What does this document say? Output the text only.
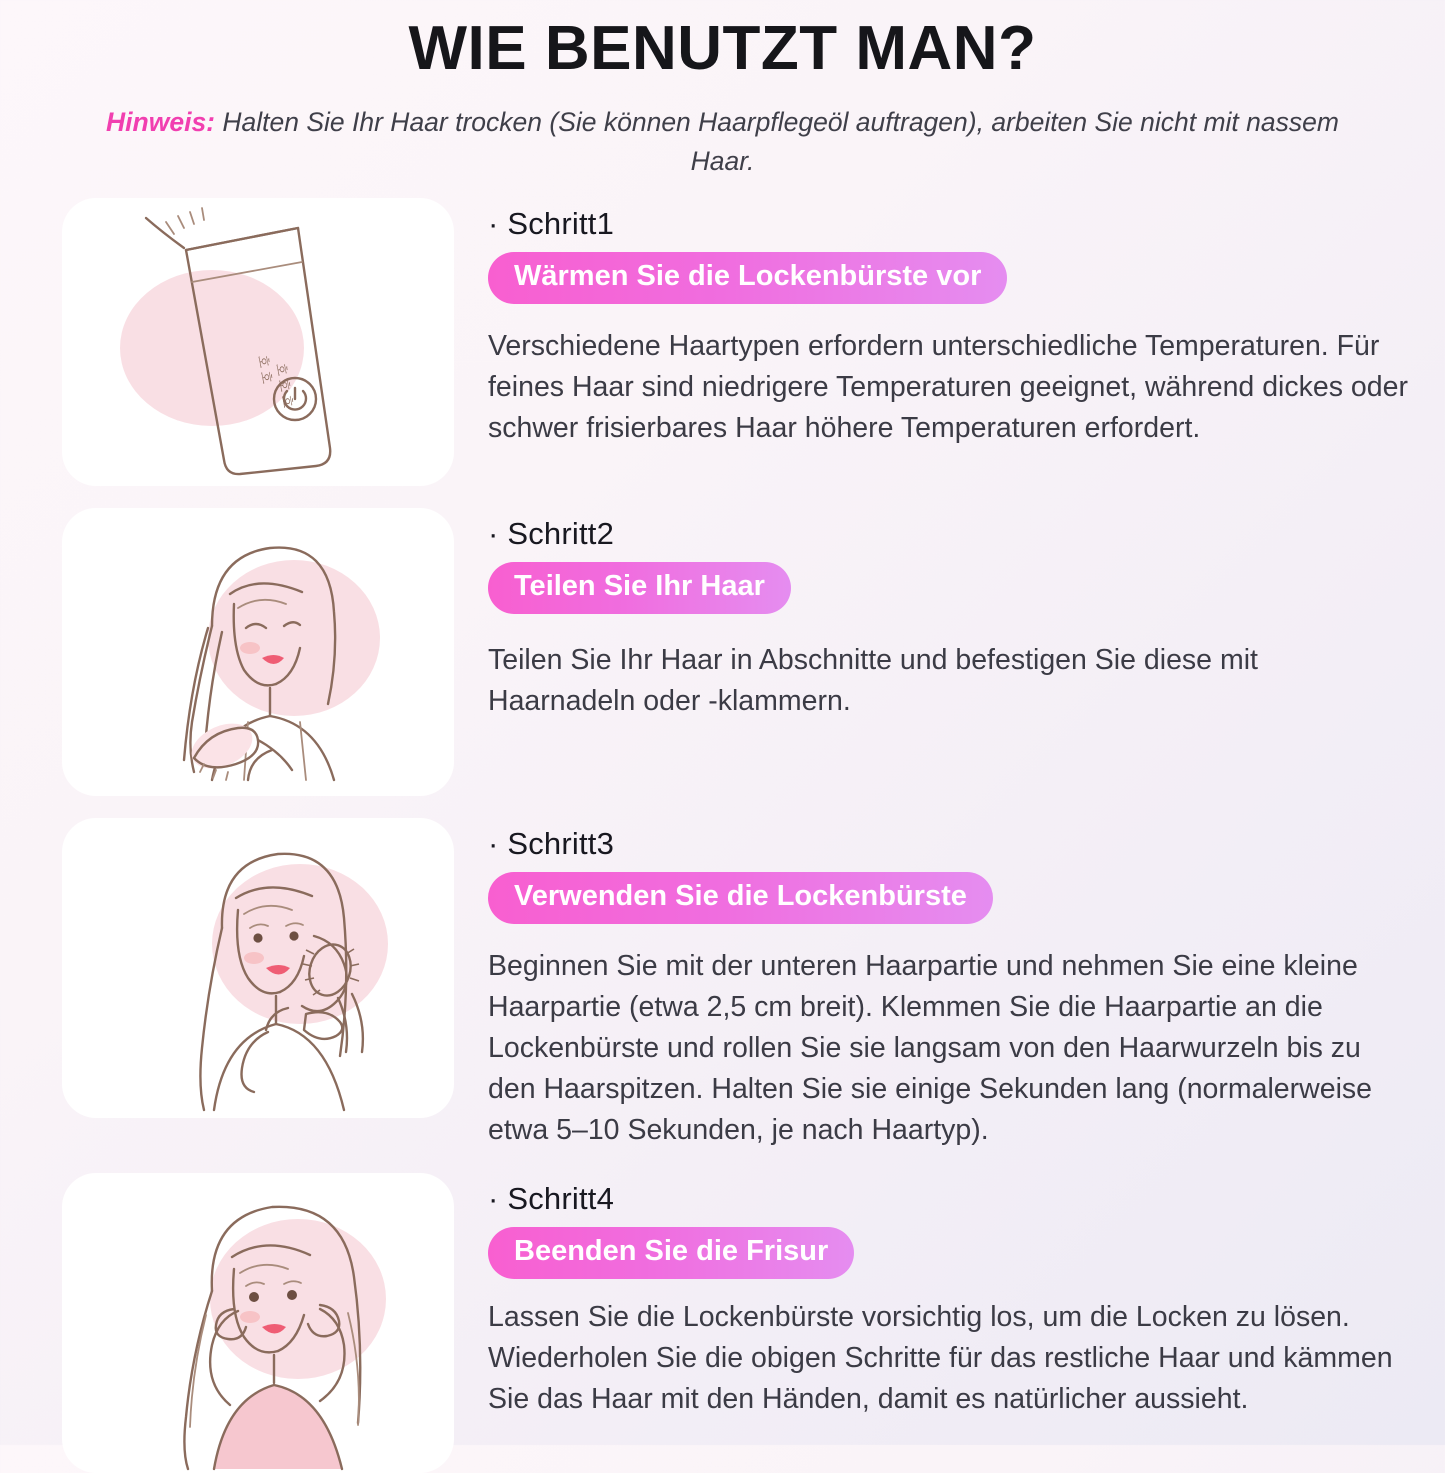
WIE BENUTZT MAN?

Hinweis: Halten Sie Ihr Haar trocken (Sie können Haarpflegeöl auftragen), arbeiten Sie nicht mit nassem Haar.

호 호
호 호 호

· Schritt1

Wärmen Sie die Lockenbürste vor

Verschiedene Haartypen erfordern unterschiedliche Temperaturen. Für feines Haar sind niedrigere Temperaturen geeignet, während dickes oder schwer frisierbares Haar höhere Temperaturen erfordert.

· Schritt2

Teilen Sie Ihr Haar

Teilen Sie Ihr Haar in Abschnitte und befestigen Sie diese mit Haarnadeln oder -klammern.

· Schritt3

Verwenden Sie die Lockenbürste

Beginnen Sie mit der unteren Haarpartie und nehmen Sie eine kleine Haarpartie (etwa 2,5 cm breit). Klemmen Sie die Haarpartie an die Lockenbürste und rollen Sie sie langsam von den Haarwurzeln bis zu den Haarspitzen. Halten Sie sie einige Sekunden lang (normalerweise etwa 5–10 Sekunden, je nach Haartyp).

· Schritt4

Beenden Sie die Frisur

Lassen Sie die Lockenbürste vorsichtig los, um die Locken zu lösen. Wiederholen Sie die obigen Schritte für das restliche Haar und kämmen Sie das Haar mit den Händen, damit es natürlicher aussieht.
